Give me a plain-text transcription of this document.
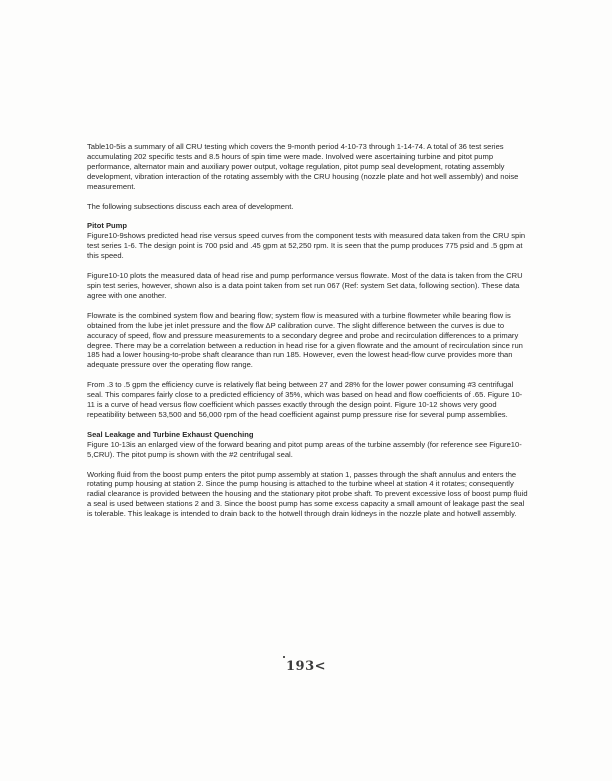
Table10-5is a summary of all CRU testing which covers the 9-month period 4-10-73 through 1-14-74. A total of 36 test series accumulating 202 specific tests and 8.5 hours of spin time were made. Involved were ascertaining turbine and pitot pump performance, alternator main and auxiliary power output, voltage regulation, pitot pump seal development, rotating assembly development, vibration interaction of the rotating assembly with the CRU housing (nozzle plate and hot well assembly) and noise measurement.

The following subsections discuss each area of development.

Pitot Pump

Figure10-9shows predicted head rise versus speed curves from the component tests with measured data taken from the CRU spin test series 1-6. The design point is 700 psid and .45 gpm at 52,250 rpm. It is seen that the pump produces 775 psid and .5 gpm at this speed.

Figure10-10 plots the measured data of head rise and pump performance versus flowrate. Most of the data is taken from the CRU spin test series, however, shown also is a data point taken from set run 067 (Ref: system Set data, following section). These data agree with one another.

Flowrate is the combined system flow and bearing flow; system flow is measured with a turbine flowmeter while bearing flow is obtained from the lube jet inlet pressure and the flow ΔP calibration curve. The slight difference between the curves is due to accuracy of speed, flow and pressure measurements to a secondary degree and probe and recirculation differences to a primary degree. There may be a correlation between a reduction in head rise for a given flowrate and the amount of recirculation since run 185 had a lower housing-to-probe shaft clearance than run 185. However, even the lowest head-flow curve provides more than adequate pressure over the operating flow range.

From .3 to .5 gpm the efficiency curve is relatively flat being between 27 and 28% for the lower power consuming #3 centrifugal seal. This compares fairly close to a predicted efficiency of 35%, which was based on head and flow coefficients of .65. Figure 10-11 is a curve of head versus flow coefficient which passes exactly through the design point. Figure 10-12 shows very good repeatibility between 53,500 and 56,000 rpm of the head coefficient against pump pressure rise for several pump assemblies.

Seal Leakage and Turbine Exhaust Quenching

Figure 10-13is an enlarged view of the forward bearing and pitot pump areas of the turbine assembly (for reference see Figure10-5,CRU). The pitot pump is shown with the #2 centrifugal seal.

Working fluid from the boost pump enters the pitot pump assembly at station 1, passes through the shaft annulus and enters the rotating pump housing at station 2. Since the pump housing is attached to the turbine wheel at station 4 it rotates; consequently radial clearance is provided between the housing and the stationary pitot probe shaft. To prevent excessive loss of boost pump fluid a seal is used between stations 2 and 3. Since the boost pump has some excess capacity a small amount of leakage past the seal is tolerable. This leakage is intended to drain back to the hotwell through drain kidneys in the nozzle plate and hotwell assembly.

193<
